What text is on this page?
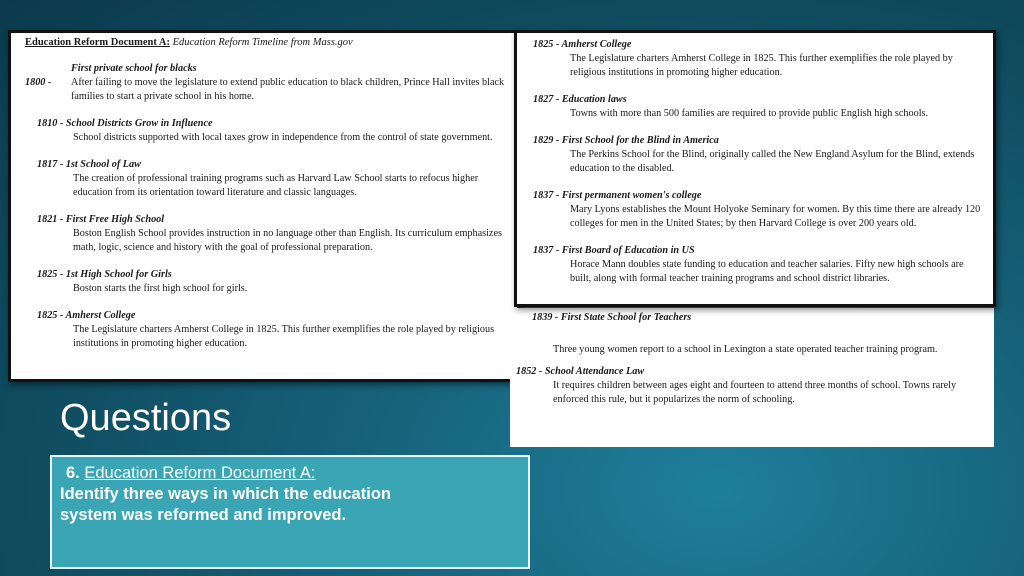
Education Reform Document A: Education Reform Timeline from Mass.gov
First private school for blacks
1800 -	After failing to move the legislature to extend public education to black children, Prince Hall invites black families to start a private school in his home.
1810 - School Districts Grow in Influence
School districts supported with local taxes grow in independence from the control of state government.
1817 - 1st School of Law
The creation of professional training programs such as Harvard Law School starts to refocus higher education from its orientation toward literature and classic languages.
1821 - First Free High School
Boston English School provides instruction in no language other than English. Its curriculum emphasizes math, logic, science and history with the goal of professional preparation.
1825 - 1st High School for Girls
Boston starts the first high school for girls.
1825 - Amherst College
The Legislature charters Amherst College in 1825. This further exemplifies the role played by religious institutions in promoting higher education.
1825 - Amherst College
The Legislature charters Amherst College in 1825. This further exemplifies the role played by religious institutions in promoting higher education.
1827 - Education laws
Towns with more than 500 families are required to provide public English high schools.
1829 - First School for the Blind in America
The Perkins School for the Blind, originally called the New England Asylum for the Blind, extends education to the disabled.
1837 - First permanent women's college
Mary Lyons establishes the Mount Holyoke Seminary for women. By this time there are already 120 colleges for men in the United States; by then Harvard College is over 200 years old.
1837 - First Board of Education in US
Horace Mann doubles state funding to education and teacher salaries. Fifty new high schools are built, along with formal teacher training programs and school district libraries.
1839 - First State School for Teachers
Three young women report to a school in Lexington a state operated teacher training program.
1852 - School Attendance Law
It requires children between ages eight and fourteen to attend three months of school. Towns rarely enforced this rule, but it popularizes the norm of schooling.
Questions
6. Education Reform Document A:
Identify three ways in which the education system was reformed and improved.
